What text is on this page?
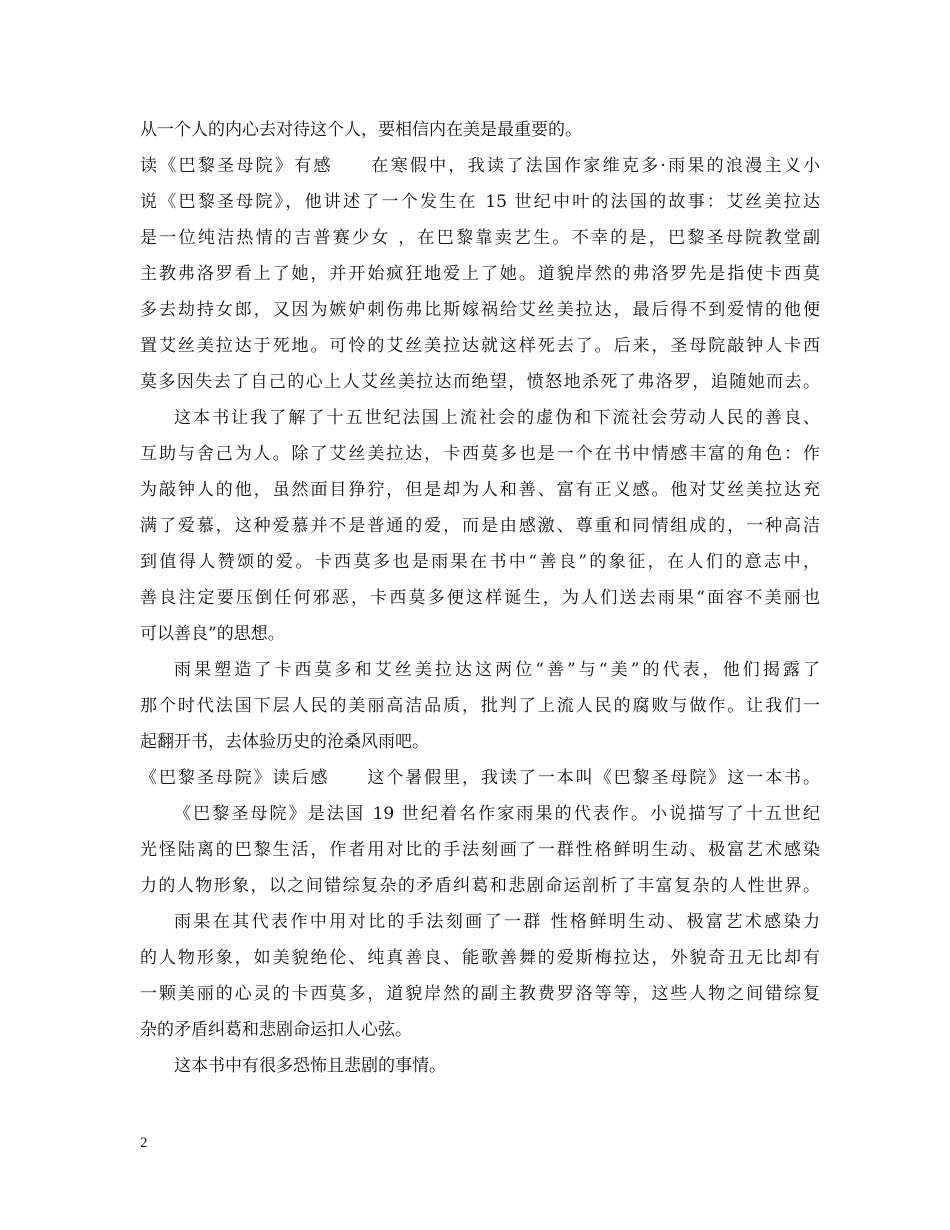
从一个人的内心去对待这个人，要相信内在美是最重要的。
读《巴黎圣母院》有感　　在寒假中，我读了法国作家维克多·雨果的浪漫主义小
说《巴黎圣母院》，他讲述了一个发生在 15 世纪中叶的法国的故事：艾丝美拉达
是一位纯洁热情的吉普赛少女 ，在巴黎靠卖艺生。不幸的是，巴黎圣母院教堂副
主教弗洛罗看上了她，并开始疯狂地爱上了她。道貌岸然的弗洛罗先是指使卡西莫
多去劫持女郎，又因为嫉妒刺伤弗比斯嫁祸给艾丝美拉达，最后得不到爱情的他便
置艾丝美拉达于死地。可怜的艾丝美拉达就这样死去了。后来，圣母院敲钟人卡西
莫多因失去了自己的心上人艾丝美拉达而绝望，愤怒地杀死了弗洛罗，追随她而去。
这本书让我了解了十五世纪法国上流社会的虚伪和下流社会劳动人民的善良、
互助与舍己为人。除了艾丝美拉达，卡西莫多也是一个在书中情感丰富的角色：作
为敲钟人的他，虽然面目狰狞，但是却为人和善、富有正义感。他对艾丝美拉达充
满了爱慕，这种爱慕并不是普通的爱，而是由感激、尊重和同情组成的，一种高洁
到值得人赞颂的爱。卡西莫多也是雨果在书中“善良”的象征，在人们的意志中，
善良注定要压倒任何邪恶，卡西莫多便这样诞生，为人们送去雨果“面容不美丽也
可以善良”的思想。
雨果塑造了卡西莫多和艾丝美拉达这两位“善”与“美”的代表，他们揭露了
那个时代法国下层人民的美丽高洁品质，批判了上流人民的腐败与做作。让我们一
起翻开书，去体验历史的沧桑风雨吧。
《巴黎圣母院》读后感　　这个暑假里，我读了一本叫《巴黎圣母院》这一本书。
《巴黎圣母院》是法国 19 世纪着名作家雨果的代表作。小说描写了十五世纪
光怪陆离的巴黎生活，作者用对比的手法刻画了一群性格鲜明生动、极富艺术感染
力的人物形象，以之间错综复杂的矛盾纠葛和悲剧命运剖析了丰富复杂的人性世界。
雨果在其代表作中用对比的手法刻画了一群 性格鲜明生动、极富艺术感染力
的人物形象，如美貌绝伦、纯真善良、能歌善舞的爱斯梅拉达，外貌奇丑无比却有
一颗美丽的心灵的卡西莫多，道貌岸然的副主教费罗洛等等，这些人物之间错综复
杂的矛盾纠葛和悲剧命运扣人心弦。
这本书中有很多恐怖且悲剧的事情。
2
